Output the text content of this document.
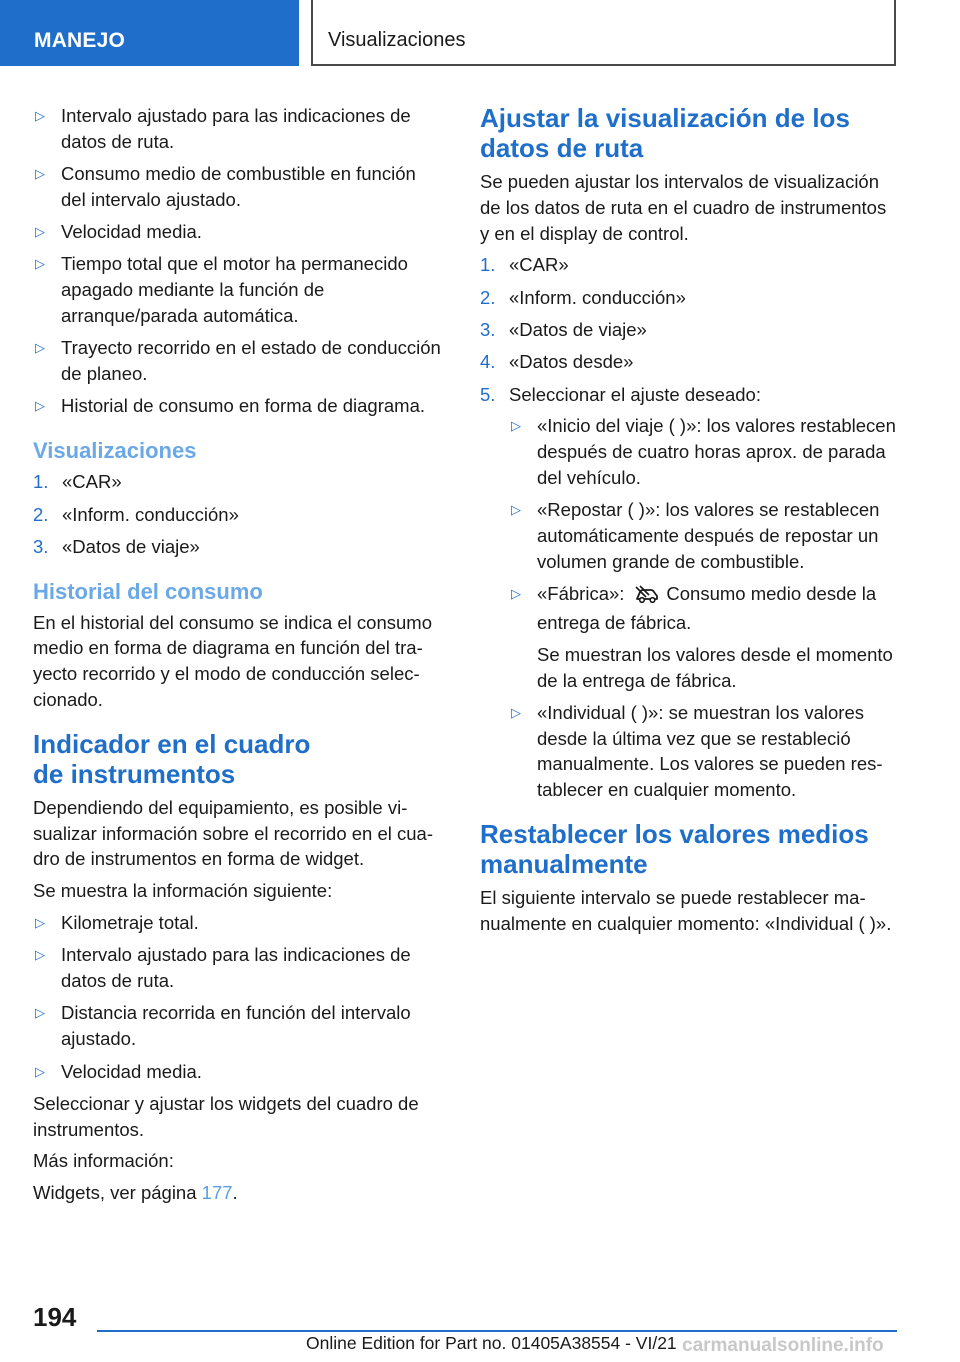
MANEJO	Visualizaciones
▷ Intervalo ajustado para las indicaciones de datos de ruta.
▷ Consumo medio de combustible en función del intervalo ajustado.
▷ Velocidad media.
▷ Tiempo total que el motor ha permanecido apagado mediante la función de arranque/parada automática.
▷ Trayecto recorrido en el estado de conducción de planeo.
▷ Historial de consumo en forma de diagrama.
Visualizaciones
1. «CAR»
2. «Inform. conducción»
3. «Datos de viaje»
Historial del consumo

En el historial del consumo se indica el consumo medio en forma de diagrama en función del trayecto recorrido y el modo de conducción seleccionado.

Indicador en el cuadro
de instrumentos

Dependiendo del equipamiento, es posible visualizar información sobre el recorrido en el cuadro de instrumentos en forma de widget.

Se muestra la información siguiente:

▷ Kilometraje total.
▷ Intervalo ajustado para las indicaciones de datos de ruta.
▷ Distancia recorrida en función del intervalo ajustado.
▷ Velocidad media.

Seleccionar y ajustar los widgets del cuadro de instrumentos.

Más información:

Widgets, ver página 177.

Ajustar la visualización de los
datos de ruta

Se pueden ajustar los intervalos de visualización de los datos de ruta en el cuadro de instrumentos y en el display de control.

1. «CAR»
2. «Inform. conducción»
3. «Datos de viaje»
4. «Datos desde»
5. Seleccionar el ajuste deseado:
▷ «Inicio del viaje ( )»: los valores restablecen después de cuatro horas aprox. de parada del vehículo.
▷ «Repostar ( )»: los valores se restablecen automáticamente después de repostar un volumen grande de combustible.
▷ «Fábrica»: Consumo medio desde la entrega de fábrica.
Se muestran los valores desde el momento de la entrega de fábrica.
▷ «Individual ( )»: se muestran los valores desde la última vez que se restableció manualmente. Los valores se pueden restablecer en cualquier momento.
Restablecer los valores medios
manualmente

El siguiente intervalo se puede restablecer manualmente en cualquier momento: «Individual ( )».

194
Online Edition for Part no. 01405A38554 - VI/21 carmanualsonline.info
